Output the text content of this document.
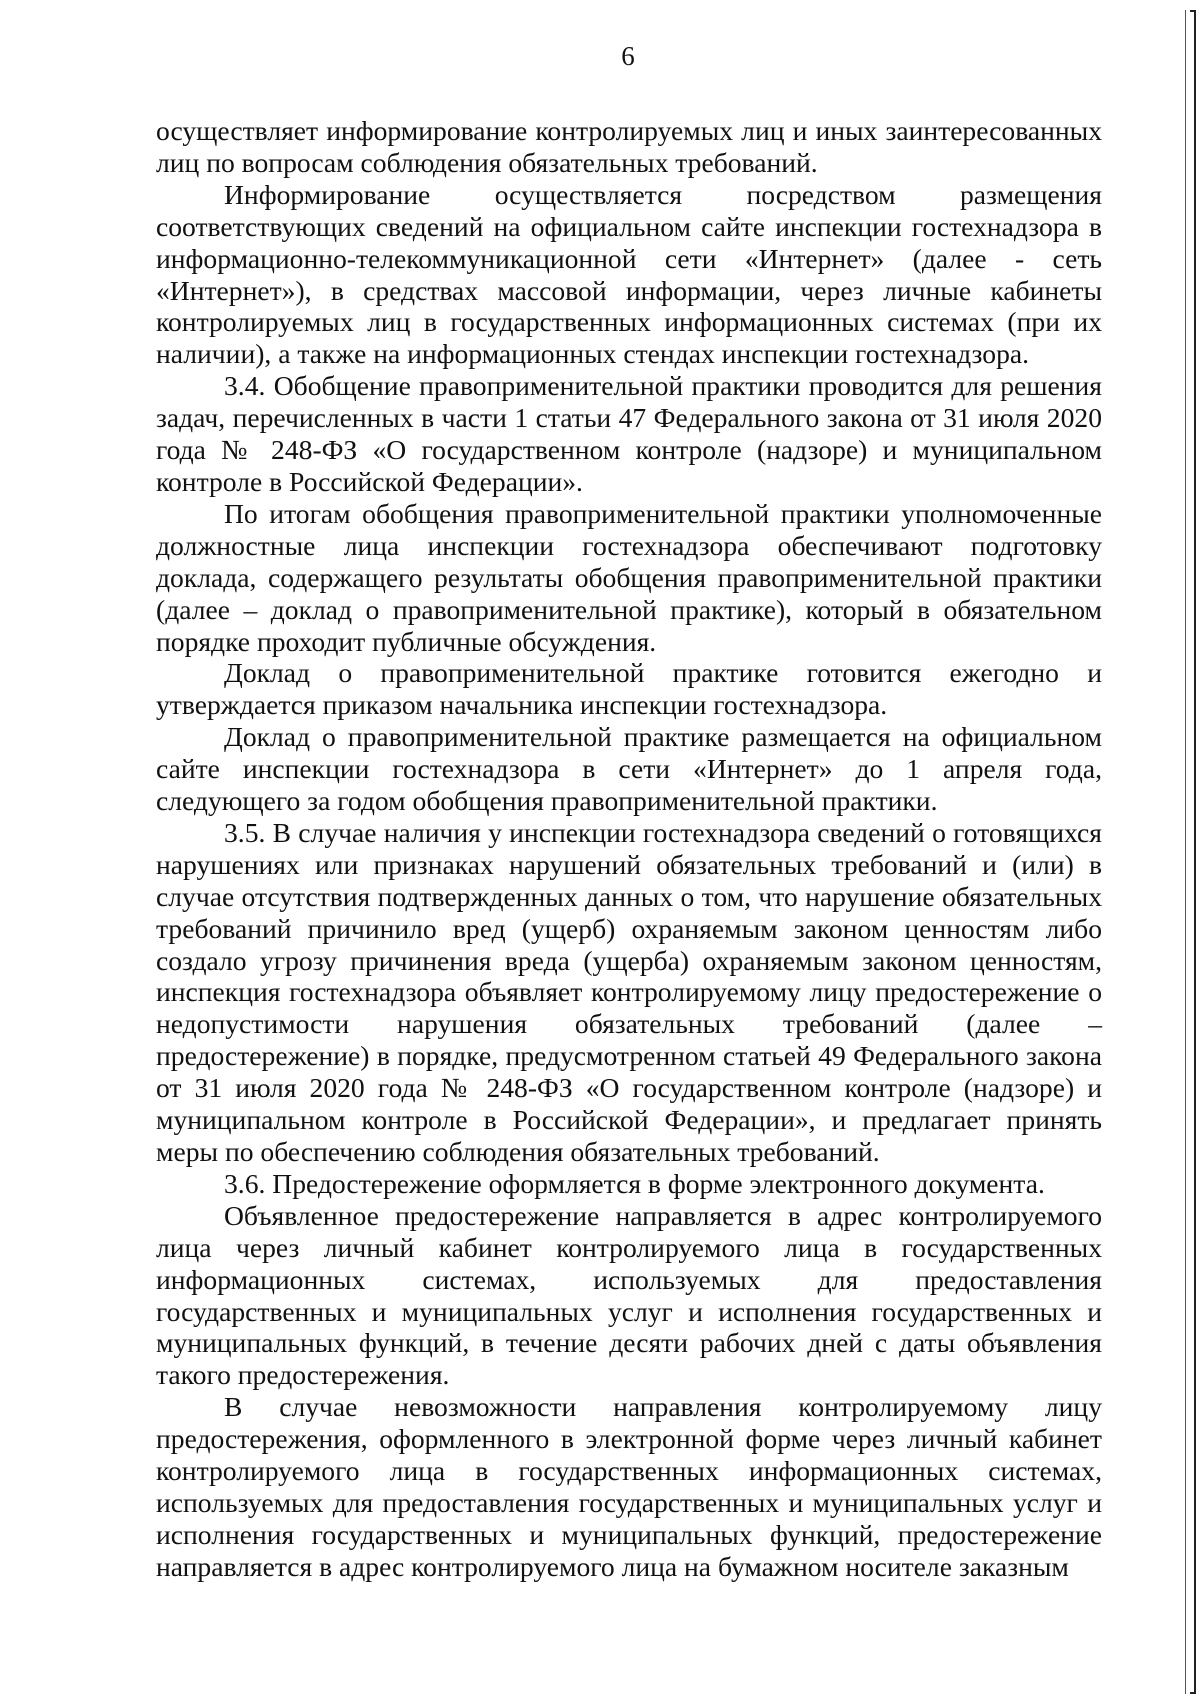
6

осуществляет информирование контролируемых лиц и иных заинтересованных лиц по вопросам соблюдения обязательных требований.

Информирование осуществляется посредством размещения соответствующих сведений на официальном сайте инспекции гостехнадзора в информационно-телекоммуникационной сети «Интернет» (далее - сеть «Интернет»), в средствах массовой информации, через личные кабинеты контролируемых лиц в государственных информационных системах (при их наличии), а также на информационных стендах инспекции гостехнадзора.

3.4. Обобщение правоприменительной практики проводится для решения задач, перечисленных в части 1 статьи 47 Федерального закона от 31 июля 2020 года № 248-ФЗ «О государственном контроле (надзоре) и муниципальном контроле в Российской Федерации».

По итогам обобщения правоприменительной практики уполномоченные должностные лица инспекции гостехнадзора обеспечивают подготовку доклада, содержащего результаты обобщения правоприменительной практики (далее – доклад о правоприменительной практике), который в обязательном порядке проходит публичные обсуждения.

Доклад о правоприменительной практике готовится ежегодно и утверждается приказом начальника инспекции гостехнадзора.

Доклад о правоприменительной практике размещается на официальном сайте инспекции гостехнадзора в сети «Интернет» до 1 апреля года, следующего за годом обобщения правоприменительной практики.

3.5. В случае наличия у инспекции гостехнадзора сведений о готовящихся нарушениях или признаках нарушений обязательных требований и (или) в случае отсутствия подтвержденных данных о том, что нарушение обязательных требований причинило вред (ущерб) охраняемым законом ценностям либо создало угрозу причинения вреда (ущерба) охраняемым законом ценностям, инспекция гостехнадзора объявляет контролируемому лицу предостережение о недопустимости нарушения обязательных требований (далее – предостережение) в порядке, предусмотренном статьей 49 Федерального закона от 31 июля 2020 года № 248-ФЗ «О государственном контроле (надзоре) и муниципальном контроле в Российской Федерации», и предлагает принять меры по обеспечению соблюдения обязательных требований.

3.6. Предостережение оформляется в форме электронного документа.

Объявленное предостережение направляется в адрес контролируемого лица через личный кабинет контролируемого лица в государственных информационных системах, используемых для предоставления государственных и муниципальных услуг и исполнения государственных и муниципальных функций, в течение десяти рабочих дней с даты объявления такого предостережения.

В случае невозможности направления контролируемому лицу предостережения, оформленного в электронной форме через личный кабинет контролируемого лица в государственных информационных системах, используемых для предоставления государственных и муниципальных услуг и исполнения государственных и муниципальных функций, предостережение направляется в адрес контролируемого лица на бумажном носителе заказным
